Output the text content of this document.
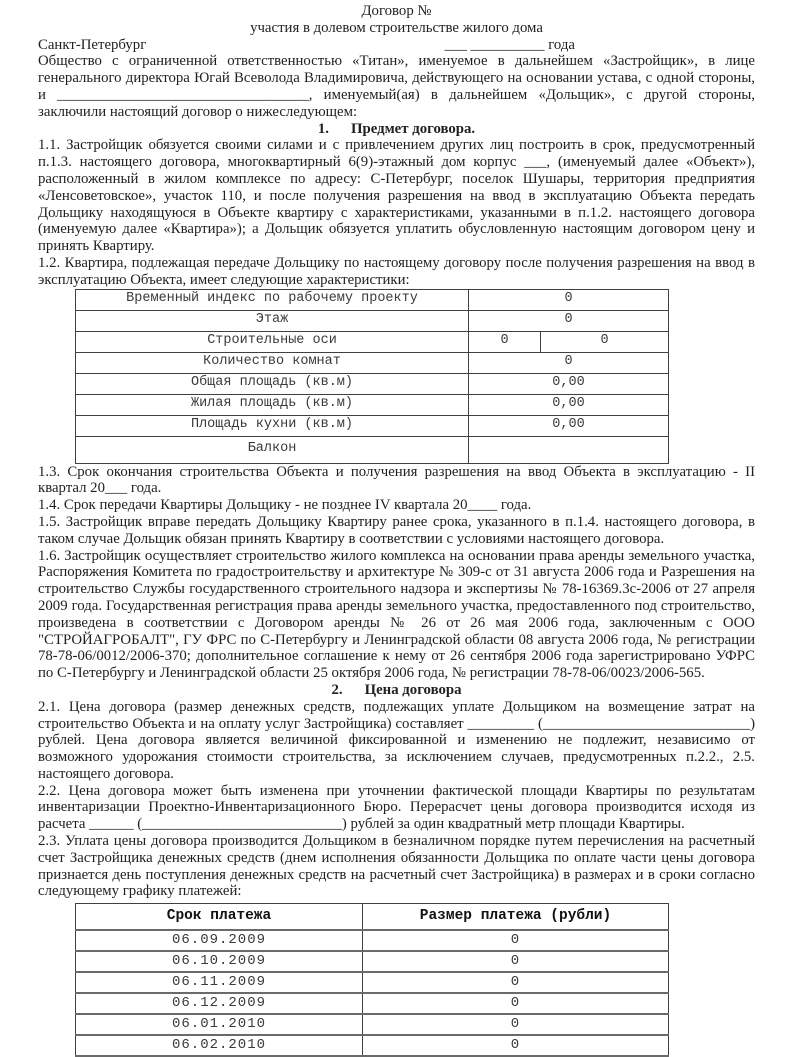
Договор №
участия в долевом строительстве жилого дома
Санкт-Петербург	___ __________ года

Общество с ограниченной ответственностью «Титан», именуемое в дальнейшем «Застройщик», в лице генерального директора Югай Всеволода Владимировича, действующего на основании устава, с одной стороны, и __________________________________, именуемый(ая) в дальнейшем «Дольщик», с другой стороны, заключили настоящий договор о нижеследующем:

1. Предмет договора.

1.1. Застройщик обязуется своими силами и с привлечением других лиц построить в срок, предусмотренный п.1.3. настоящего договора, многоквартирный 6(9)-этажный дом корпус ___, (именуемый далее «Объект»), расположенный в жилом комплексе по адресу: С-Петербург, поселок Шушары, территория предприятия «Ленсоветовское», участок 110, и после получения разрешения на ввод в эксплуатацию Объекта передать Дольщику находящуюся в Объекте квартиру с характеристиками, указанными в п.1.2. настоящего договора (именуемую далее «Квартира»); а Дольщик обязуется уплатить обусловленную настоящим договором цену и принять Квартиру.

1.2. Квартира, подлежащая передаче Дольщику по настоящему договору после получения разрешения на ввод в эксплуатацию Объекта, имеет следующие характеристики:

Временный индекс по рабочему проекту	0	
Этаж	0	
Строительные оси	0	0
Количество комнат	0	
Общая площадь (кв.м)	0,00	
Жилая площадь (кв.м)	0,00	
Площадь кухни (кв.м)	0,00	
Балкон		

1.3. Срок окончания строительства Объекта и получения разрешения на ввод Объекта в эксплуатацию - II квартал 20___ года.

1.4. Срок передачи Квартиры Дольщику - не позднее IV квартала 20____ года.

1.5. Застройщик вправе передать Дольщику Квартиру ранее срока, указанного в п.1.4. настоящего договора, в таком случае Дольщик обязан принять Квартиру в соответствии с условиями настоящего договора.

1.6. Застройщик осуществляет строительство жилого комплекса на основании права аренды земельного участка, Распоряжения Комитета по градостроительству и архитектуре № 309-с от 31 августа 2006 года и Разрешения на строительство Службы государственного строительного надзора и экспертизы № 78-16369.3с-2006 от 27 апреля 2009 года. Государственная регистрация права аренды земельного участка, предоставленного под строительство, произведена в соответствии с Договором аренды № 26 от 26 мая 2006 года, заключенным с ООО "СТРОЙАГРОБАЛТ", ГУ ФРС по С-Петербургу и Ленинградской области 08 августа 2006 года, № регистрации 78-78-06/0012/2006-370; дополнительное соглашение к нему от 26 сентября 2006 года зарегистрировано УФРС по С-Петербургу и Ленинградской области 25 октября 2006 года, № регистрации 78-78-06/0023/2006-565.

2. Цена договора

2.1. Цена договора (размер денежных средств, подлежащих уплате Дольщиком на возмещение затрат на строительство Объекта и на оплату услуг Застройщика) составляет _________ (____________________________) рублей. Цена договора является величиной фиксированной и изменению не подлежит, независимо от возможного удорожания стоимости строительства, за исключением случаев, предусмотренных п.2.2., 2.5. настоящего договора.

2.2. Цена договора может быть изменена при уточнении фактической площади Квартиры по результатам инвентаризации Проектно-Инвентаризационного Бюро. Перерасчет цены договора производится исходя из расчета ______ (___________________________) рублей за один квадратный метр площади Квартиры.

2.3. Уплата цены договора производится Дольщиком в безналичном порядке путем перечисления на расчетный счет Застройщика денежных средств (днем исполнения обязанности Дольщика по оплате части цены договора признается день поступления денежных средств на расчетный счет Застройщика) в размерах и в сроки согласно следующему графику платежей:

Срок платежа	Размер платежа (рубли)
06.09.2009	0
06.10.2009	0
06.11.2009	0
06.12.2009	0
06.01.2010	0
06.02.2010	0
